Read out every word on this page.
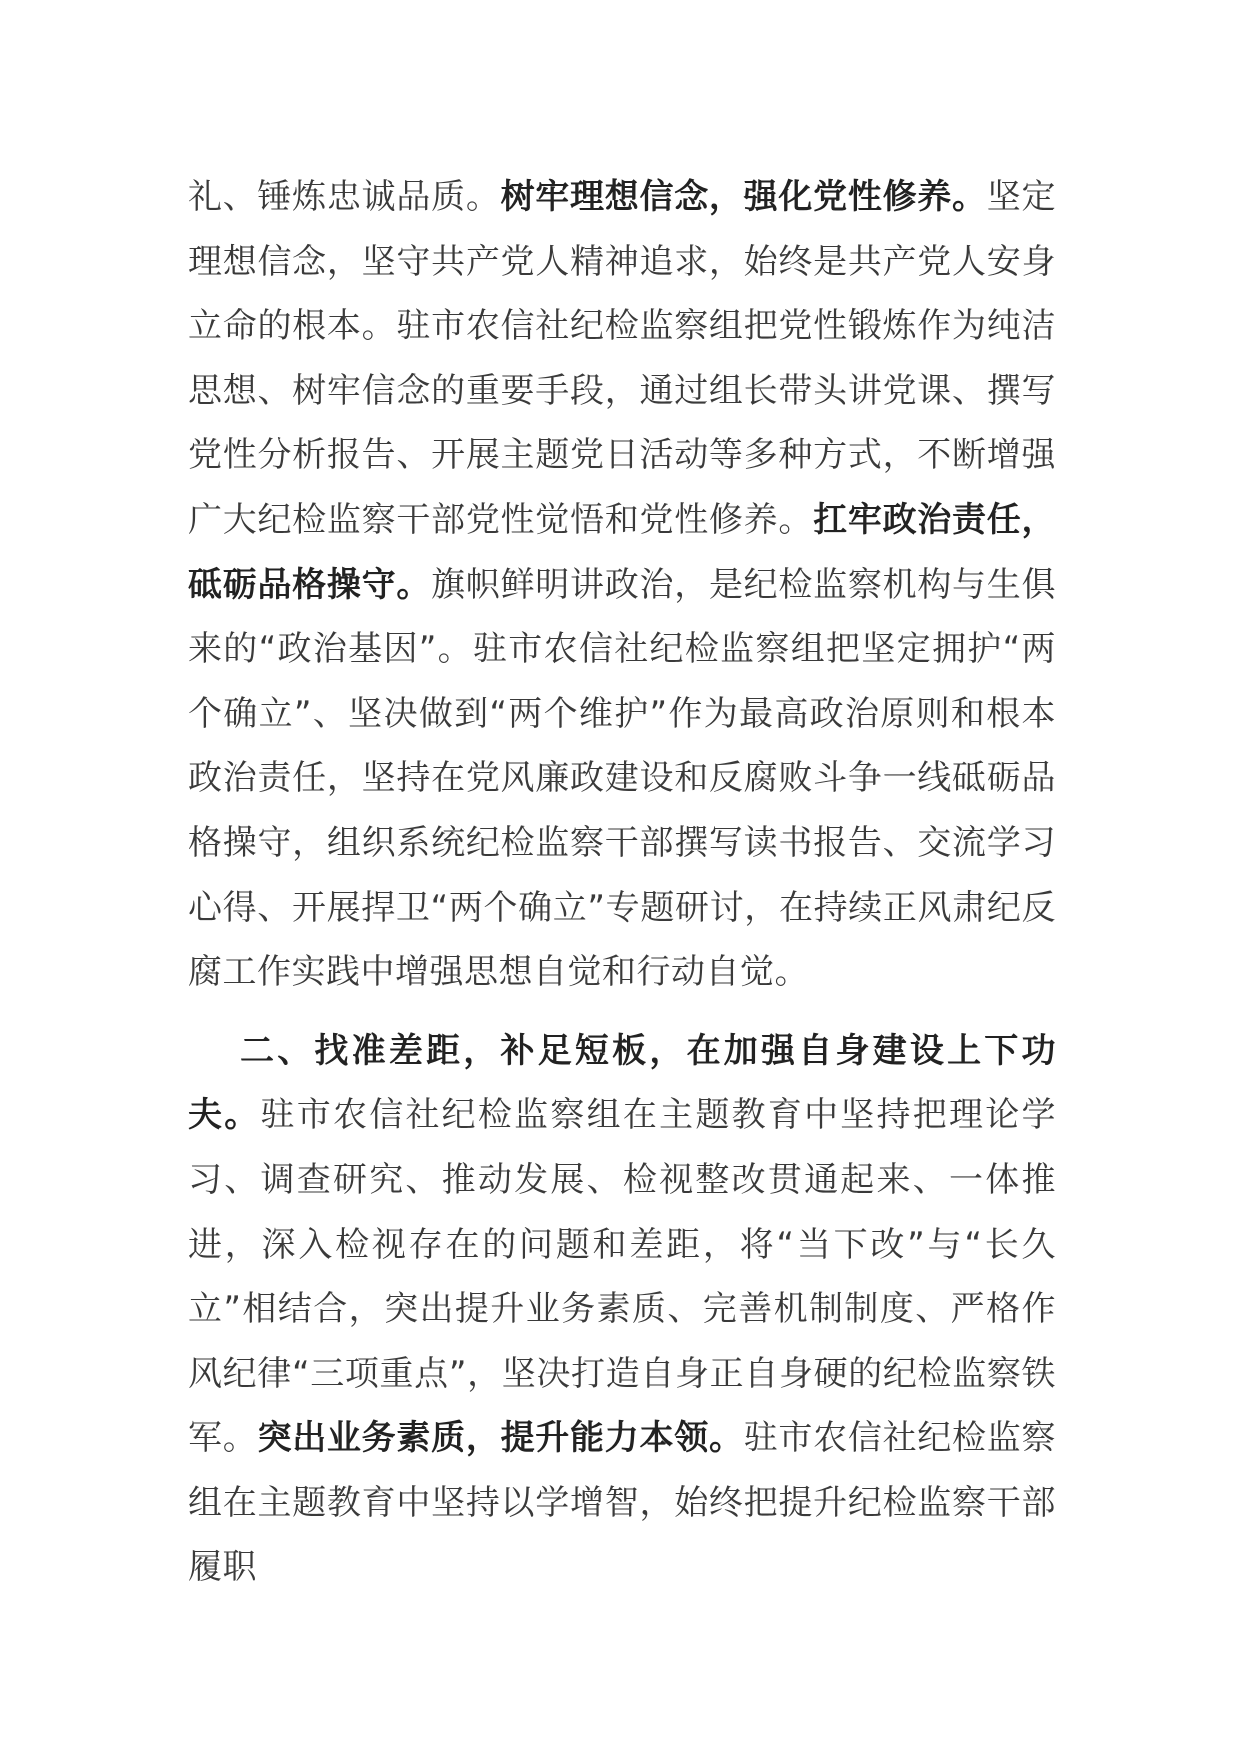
礼、锤炼忠诚品质。树牢理想信念，强化党性修养。坚定理想信念，坚守共产党人精神追求，始终是共产党人安身立命的根本。驻市农信社纪检监察组把党性锻炼作为纯洁思想、树牢信念的重要手段，通过组长带头讲党课、撰写党性分析报告、开展主题党日活动等多种方式，不断增强广大纪检监察干部党性觉悟和党性修养。扛牢政治责任，砥砺品格操守。旗帜鲜明讲政治，是纪检监察机构与生俱来的“政治基因”。驻市农信社纪检监察组把坚定拥护“两个确立”、坚决做到“两个维护”作为最高政治原则和根本政治责任，坚持在党风廉政建设和反腐败斗争一线砥砺品格操守，组织系统纪检监察干部撰写读书报告、交流学习心得、开展捍卫“两个确立”专题研讨，在持续正风肃纪反腐工作实践中增强思想自觉和行动自觉。

二、找准差距，补足短板，在加强自身建设上下功夫。驻市农信社纪检监察组在主题教育中坚持把理论学习、调查研究、推动发展、检视整改贯通起来、一体推进，深入检视存在的问题和差距，将“当下改”与“长久立”相结合，突出提升业务素质、完善机制制度、严格作风纪律“三项重点”，坚决打造自身正自身硬的纪检监察铁军。突出业务素质，提升能力本领。驻市农信社纪检监察组在主题教育中坚持以学增智，始终把提升纪检监察干部履职
